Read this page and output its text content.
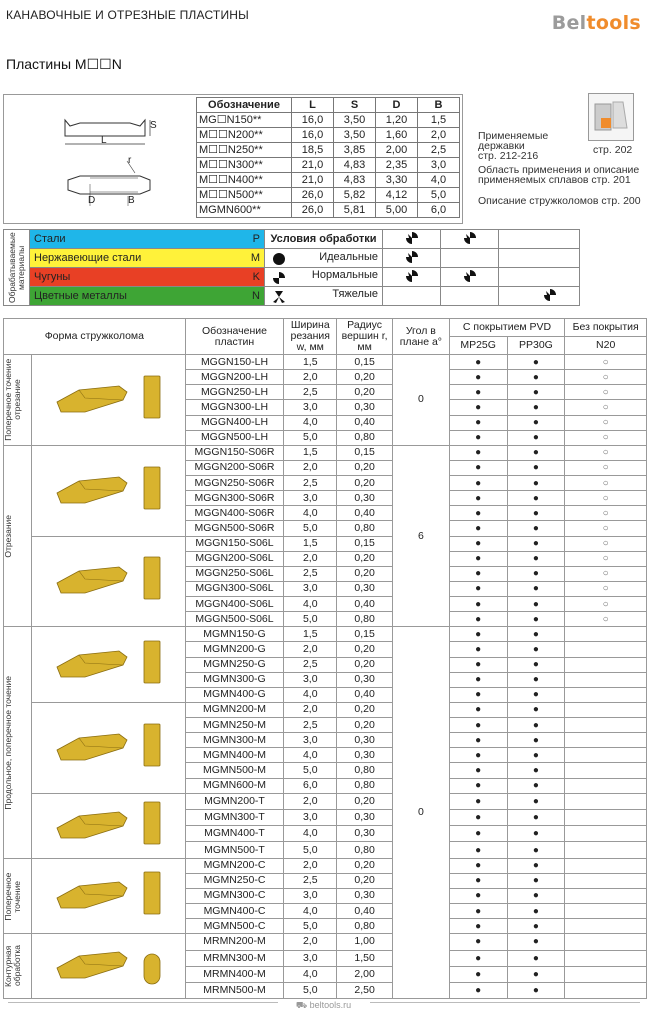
КАНАВОЧНЫЕ И ОТРЕЗНЫЕ ПЛАСТИНЫ	Beltools
Пластины M☐☐N
L
S
r
D	B
Обозначение	L	S	D	B
MG☐N150**	16,0	3,50	1,20	1,5
M☐☐N200**	16,0	3,50	1,60	2,0
M☐☐N250**	18,5	3,85	2,00	2,5
M☐☐N300**	21,0	4,83	2,35	3,0
M☐☐N400**	21,0	4,83	3,30	4,0
M☐☐N500**	26,0	5,82	4,12	5,0
MGMN600**	26,0	5,81	5,00	6,0
Применяемые
державки
стр. 212-216	стр. 202
Область применения и описание
применяемых сплавов стр. 201
Описание стружколомов стр. 200
Обрабатываемые материалы	Стали P	Условия обработки			
	Нержавеющие стали M	Идеальные			
	Чугуны K	Нормальные			
	Цветные металлы N	Тяжелые			
Форма стружколома		Обозначение пластин	Ширина резания w, мм	Радиус вершин r, мм	Угол в плане a°	С покрытием PVD		Без покрытия
						MP25G	PP30G	N20

Поперечное точение отрезание		MGGN150-LH	1,5	0,15	0	●	●	○
		MGGN200-LH	2,0	0,20		●	●	○
		MGGN250-LH	2,5	0,20		●	●	○
		MGGN300-LH	3,0	0,30		●	●	○
		MGGN400-LH	4,0	0,40		●	●	○
		MGGN500-LH	5,0	0,80		●	●	○

Отрезание		MGGN150-S06R	1,5	0,15	6	●	●	○
		MGGN200-S06R	2,0	0,20		●	●	○
		MGGN250-S06R	2,5	0,20		●	●	○
		MGGN300-S06R	3,0	0,30		●	●	○
		MGGN400-S06R	4,0	0,40		●	●	○
		MGGN500-S06R	5,0	0,80		●	●	○
	MGGN150-S06L	1,5	0,15		●	●	○
		MGGN200-S06L	2,0	0,20		●	●	○
		MGGN250-S06L	2,5	0,20		●	●	○
		MGGN300-S06L	3,0	0,30		●	●	○
		MGGN400-S06L	4,0	0,40		●	●	○
		MGGN500-S06L	5,0	0,80		●	●	○

Продольное, поперечное точение		MGMN150-G	1,5	0,15	0	●	●	
		MGMN200-G	2,0	0,20		●	●	
		MGMN250-G	2,5	0,20		●	●	
		MGMN300-G	3,0	0,30		●	●	
		MGMN400-G	4,0	0,40		●	●	
	MGMN200-M	2,0	0,20		●	●	
		MGMN250-M	2,5	0,20		●	●	
		MGMN300-M	3,0	0,30		●	●	
		MGMN400-M	4,0	0,30		●	●	
		MGMN500-M	5,0	0,80		●	●	
		MGMN600-M	6,0	0,80		●	●	
	MGMN200-T	2,0	0,20		●	●	
		MGMN300-T	3,0	0,30		●	●	
		MGMN400-T	4,0	0,30		●	●	
		MGMN500-T	5,0	0,80		●	●	

Поперечное точение		MGMN200-C	2,0	0,20		●	●	
		MGMN250-C	2,5	0,20		●	●	
		MGMN300-C	3,0	0,30		●	●	
		MGMN400-C	4,0	0,40		●	●	
		MGMN500-C	5,0	0,80		●	●	

Контурная обработка		MRMN200-M	2,0	1,00		●	●	
		MRMN300-M	3,0	1,50		●	●	
		MRMN400-M	4,0	2,00		●	●	
		MRMN500-M	5,0	2,50		●	●	
⛟ beltools.ru
